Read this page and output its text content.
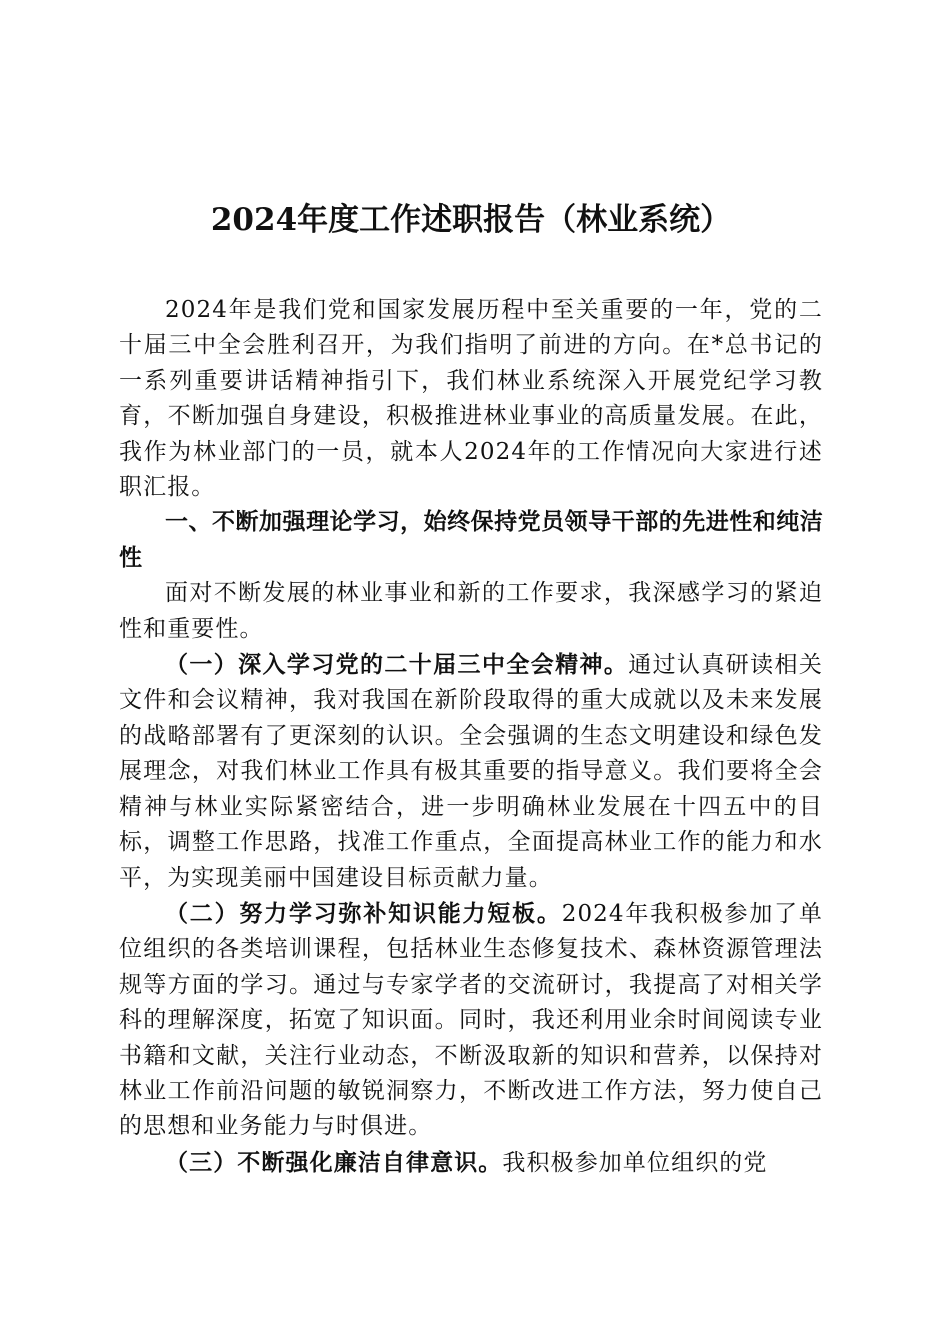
2024年度工作述职报告（林业系统）

2024年是我们党和国家发展历程中至关重要的一年，党的二十届三中全会胜利召开，为我们指明了前进的方向。在*总书记的一系列重要讲话精神指引下，我们林业系统深入开展党纪学习教育，不断加强自身建设，积极推进林业事业的高质量发展。在此，我作为林业部门的一员，就本人2024年的工作情况向大家进行述职汇报。

一、不断加强理论学习，始终保持党员领导干部的先进性和纯洁性

面对不断发展的林业事业和新的工作要求，我深感学习的紧迫性和重要性。

（一）深入学习党的二十届三中全会精神。通过认真研读相关文件和会议精神，我对我国在新阶段取得的重大成就以及未来发展的战略部署有了更深刻的认识。全会强调的生态文明建设和绿色发展理念，对我们林业工作具有极其重要的指导意义。我们要将全会精神与林业实际紧密结合，进一步明确林业发展在十四五中的目标，调整工作思路，找准工作重点，全面提高林业工作的能力和水平，为实现美丽中国建设目标贡献力量。

（二）努力学习弥补知识能力短板。2024年我积极参加了单位组织的各类培训课程，包括林业生态修复技术、森林资源管理法规等方面的学习。通过与专家学者的交流研讨，我提高了对相关学科的理解深度，拓宽了知识面。同时，我还利用业余时间阅读专业书籍和文献，关注行业动态，不断汲取新的知识和营养，以保持对林业工作前沿问题的敏锐洞察力，不断改进工作方法，努力使自己的思想和业务能力与时俱进。

（三）不断强化廉洁自律意识。我积极参加单位组织的党
